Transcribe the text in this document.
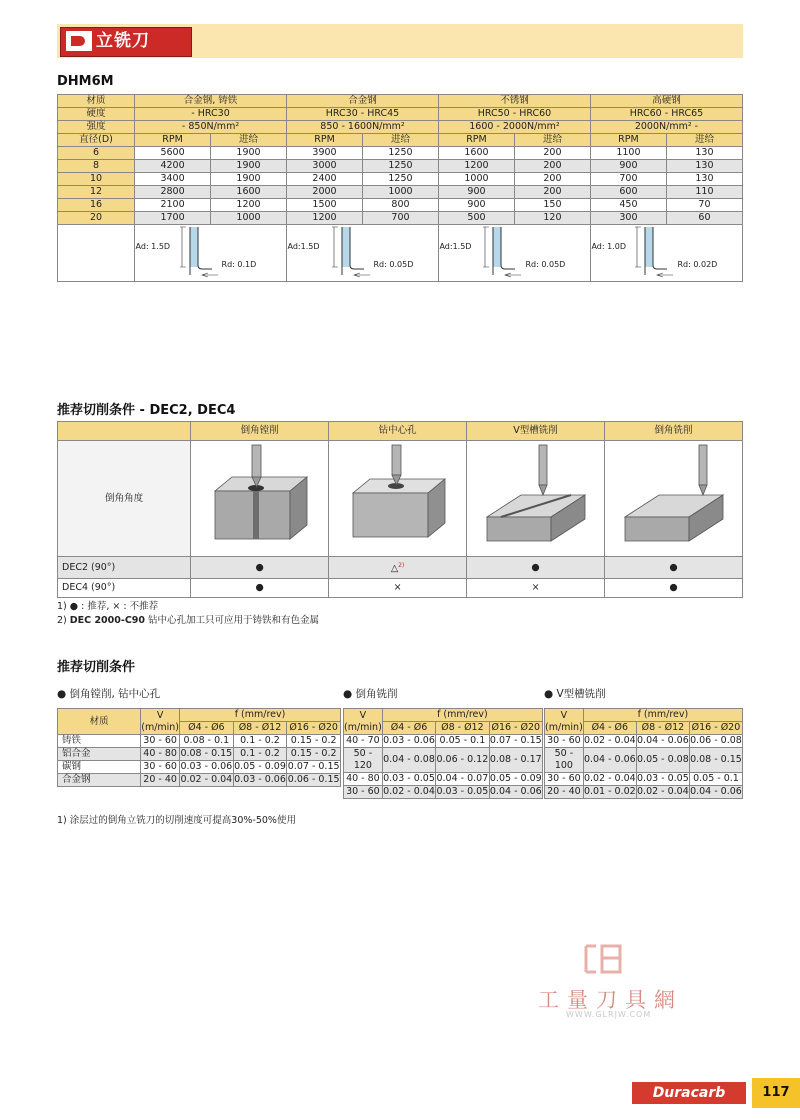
立铣刀
DHM6M
材质	合金钢, 铸铁		合金钢		不锈钢		高硬钢	
硬度	- HRC30		HRC30 - HRC45		HRC50 - HRC60		HRC60 - HRC65	
强度	- 850N/mm²		850 - 1600N/mm²		1600 - 2000N/mm²		2000N/mm² -	
直径(D)	RPM	进给	RPM	进给	RPM	进给	RPM	进给
6	5600	1900	3900	1250	1600	200	1100	130
8	4200	1900	3000	1250	1200	200	900	130
10	3400	1900	2400	1250	1000	200	700	130
12	2800	1600	2000	1000	900	200	600	110
16	2100	1200	1500	800	900	150	450	70
20	1700	1000	1200	700	500	120	300	60

	Ad: 1.5D
Rd: 0.1D		Ad:1.5D
Rd: 0.05D		Ad:1.5D
Rd: 0.05D		Ad: 1.0D
Rd: 0.02D	
推荐切削条件 - DEC2, DEC4
	倒角镗削	钻中心孔	V型槽铣削	倒角铣削
倒角角度				
DEC2 (90°)	●	△$^{2)}$	●	●
DEC4 (90°)	●	×	×	●
1) ● : 推荐, × : 不推荐
2) DEC 2000-C90 钻中心孔加工只可应用于铸铁和有色金属
推荐切削条件
● 倒角镗削, 钻中心孔	● 倒角铣削	● V型槽铣削
材质	V
(m/min)	f (mm/rev)		
		Ø4 - Ø6	Ø8 - Ø12	Ø16 - Ø20
铸铁	30 - 60	0.08 - 0.1	0.1 - 0.2	0.15 - 0.2
铝合金	40 - 80	0.08 - 0.15	0.1 - 0.2	0.15 - 0.2
碳钢	30 - 60	0.03 - 0.06	0.05 - 0.09	0.07 - 0.15
合金钢	20 - 40	0.02 - 0.04	0.03 - 0.06	0.06 - 0.15
V
(m/min)	f (mm/rev)		
	Ø4 - Ø6	Ø8 - Ø12	Ø16 - Ø20
40 - 70	0.03 - 0.06	0.05 - 0.1	0.07 - 0.15
50 - 120	0.04 - 0.08	0.06 - 0.12	0.08 - 0.17
40 - 80	0.03 - 0.05	0.04 - 0.07	0.05 - 0.09
30 - 60	0.02 - 0.04	0.03 - 0.05	0.04 - 0.06
V
(m/min)	f (mm/rev)		
	Ø4 - Ø6	Ø8 - Ø12	Ø16 - Ø20
30 - 60	0.02 - 0.04	0.04 - 0.06	0.06 - 0.08
50 - 100	0.04 - 0.06	0.05 - 0.08	0.08 - 0.15
30 - 60	0.02 - 0.04	0.03 - 0.05	0.05 - 0.1
20 - 40	0.01 - 0.02	0.02 - 0.04	0.04 - 0.06
1) 涂层过的倒角立铣刀的切削速度可提高30%-50%使用
工量刀具網
WWW.GLRJW.COM
Duracarb	117
